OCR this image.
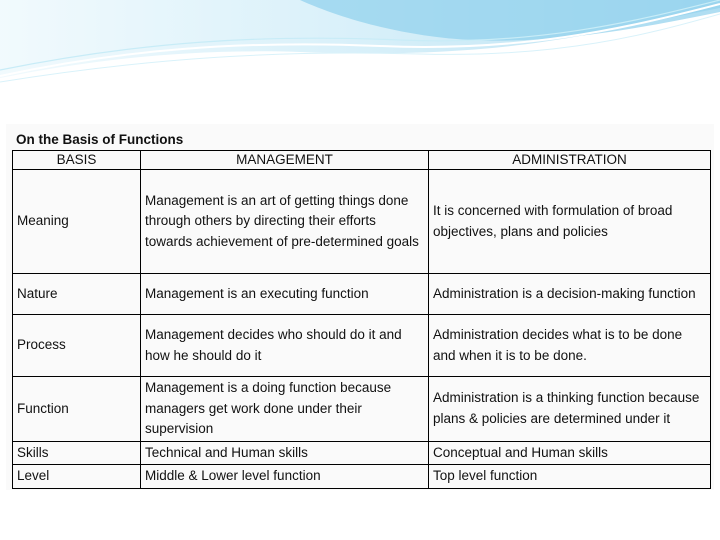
On the Basis of Functions
BASIS	MANAGEMENT	ADMINISTRATION
Meaning	Management is an art of getting things done through others by directing their efforts towards achievement of pre-determined goals	It is concerned with formulation of broad objectives, plans and policies
Nature	Management is an executing function	Administration is a decision-making function
Process	Management decides who should do it and how he should do it	Administration decides what is to be done and when it is to be done.
Function	Management is a doing function because managers get work done under their supervision	Administration is a thinking function because plans & policies are determined under it
Skills	Technical and Human skills	Conceptual and Human skills
Level	Middle & Lower level function	Top level function
